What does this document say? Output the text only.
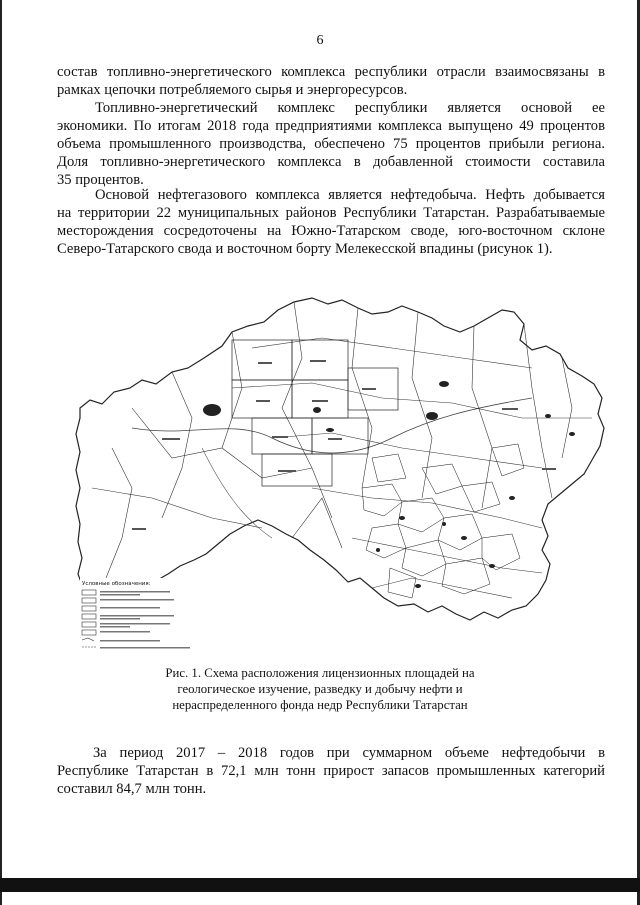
6
состав топливно-энергетического комплекса республики отрасли взаимосвязаны в
рамках цепочки потребляемого сырья и энергоресурсов.
Топливно-энергетический комплекс республики является основой ее
экономики. По итогам 2018 года предприятиями комплекса выпущено 49 процентов
объема промышленного производства, обеспечено 75 процентов прибыли региона.
Доля топливно-энергетического комплекса в добавленной стоимости составила
35 процентов.
Основой нефтегазового комплекса является нефтедобыча. Нефть добывается
на территории 22 муниципальных районов Республики Татарстан. Разрабатываемые
месторождения сосредоточены на Южно-Татарском своде, юго-восточном склоне
Северо-Татарского свода и восточном борту Мелекесской впадины (рисунок 1).
Условные обозначения:
Рис. 1. Схема расположения лицензионных площадей на
геологическое изучение, разведку и добычу нефти и
нераспределенного фонда недр Республики Татарстан
За период 2017 – 2018 годов при суммарном объеме нефтедобычи в
Республике Татарстан в 72,1 млн тонн прирост запасов промышленных категорий
составил 84,7 млн тонн.
